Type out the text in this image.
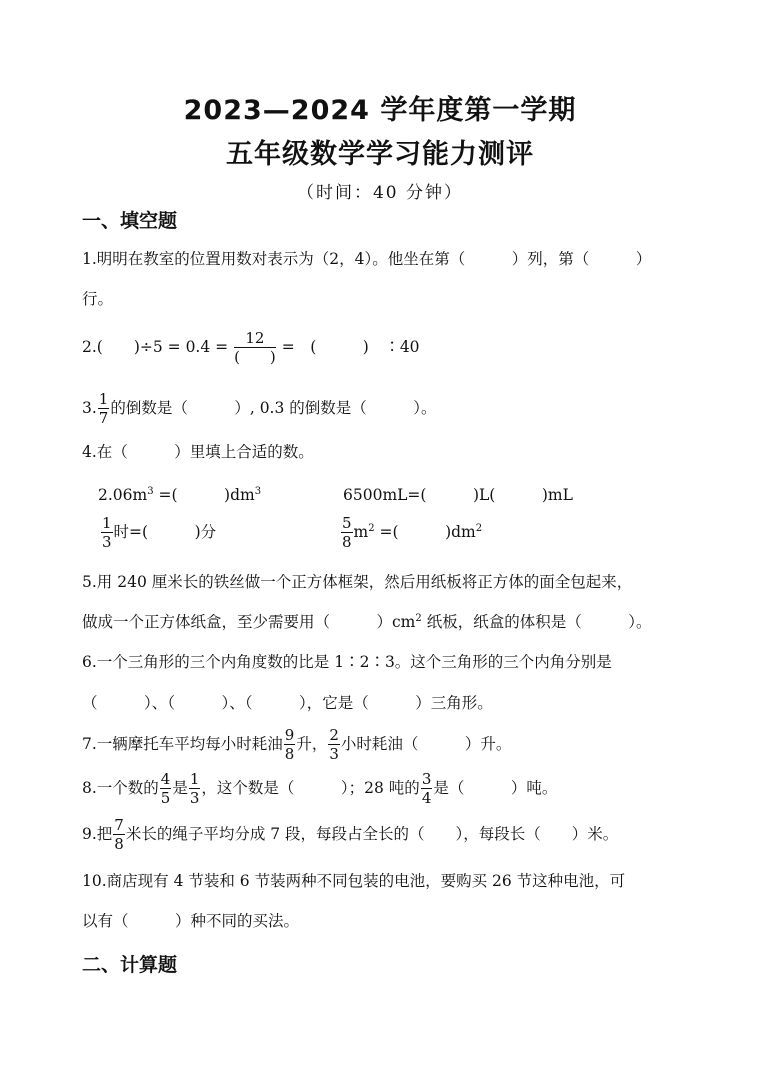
2023—2024 学年度第一学期
五年级数学学习能力测评
（时间：40 分钟）
一、填空题
1.明明在教室的位置用数对表示为（2，4）。他坐在第（　　　）列，第（　　　）
行。
2.(　　)$\div 5 = 0.4 = \frac{12}{( )}$ =　(　　　)　∶40
3. $\frac{1}{7}$ 的倒数是（　　　）, 0.3 的倒数是（　　　）。
4.在（　　　）里填上合适的数。
$2.06m^3$ =(　　　)$dm^3$	6500mL=(　　　)L(　　　)mL
$\frac{1}{3}$ 时=(　　　)分	$\frac{5}{8} m^2$ =(　　　)$dm^2$
5.用 240 厘米长的铁丝做一个正方体框架，然后用纸板将正方体的面全包起来，
做成一个正方体纸盒，至少需要用（　　　）$cm^2$ 纸板，纸盒的体积是（　　　）。
6.一个三角形的三个内角度数的比是 1∶2∶3。这个三角形的三个内角分别是
（　　　）、（　　　）、（　　　），它是（　　　）三角形。
7.一辆摩托车平均每小时耗油 $\frac{9}{8}$ 升， $\frac{2}{3}$ 小时耗油（　　　）升。
8.一个数的 $\frac{4}{5}$ 是 $\frac{1}{3}$ ，这个数是（　　　）；28 吨的 $\frac{3}{4}$ 是（　　　）吨。
9.把 $\frac{7}{8}$ 米长的绳子平均分成 7 段，每段占全长的（　　），每段长（　　）米。
10.商店现有 4 节装和 6 节装两种不同包装的电池，要购买 26 节这种电池，可
以有（　　　）种不同的买法。
二、计算题
